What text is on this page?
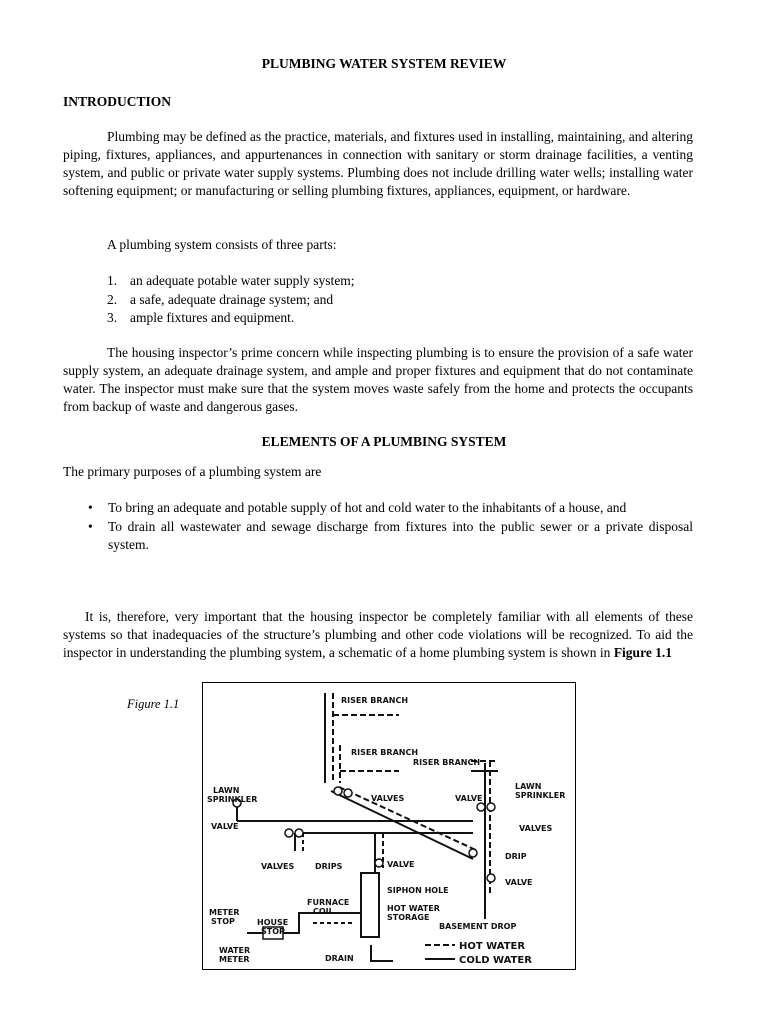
PLUMBING WATER SYSTEM REVIEW
INTRODUCTION

Plumbing may be defined as the practice, materials, and fixtures used in installing, maintaining, and altering piping, fixtures, appliances, and appurtenances in connection with sanitary or storm drainage facilities, a venting system, and public or private water supply systems. Plumbing does not include drilling water wells; installing water softening equipment; or manufacturing or selling plumbing fixtures, appliances, equipment, or hardware.

A plumbing system consists of three parts:
1. an adequate potable water supply system;
2. a safe, adequate drainage system; and
3. ample fixtures and equipment.

The housing inspector’s prime concern while inspecting plumbing is to ensure the provision of a safe water supply system, an adequate drainage system, and ample and proper fixtures and equipment that do not contaminate water. The inspector must make sure that the system moves waste safely from the home and protects the occupants from backup of waste and dangerous gases.

ELEMENTS OF A PLUMBING SYSTEM
The primary purposes of a plumbing system are
• To bring an adequate and potable supply of hot and cold water to the inhabitants of a house, and
• To drain all wastewater and sewage discharge from fixtures into the public sewer or a private disposal system.

It is, therefore, very important that the housing inspector be completely familiar with all elements of these systems so that inadequacies of the structure’s plumbing and other code violations will be recognized. To aid the inspector in understanding the plumbing system, a schematic of a home plumbing system is shown in Figure 1.1

Figure 1.1	RISER BRANCH
RISER BRANCH
RISER BRANCH
LAWN
SPRINKLER
LAWN
SPRINKLER
VALVE
VALVES	VALVE
VALVES
DRIP
VALVE
VALVES	DRIPS	VALVE
SIPHON HOLE
FURNACE
COIL	HOT WATER
STORAGE
BASEMENT DROP
METER
STOP	HOUSE
STOP
WATER
METER	DRAIN
HOT WATER
COLD WATER
